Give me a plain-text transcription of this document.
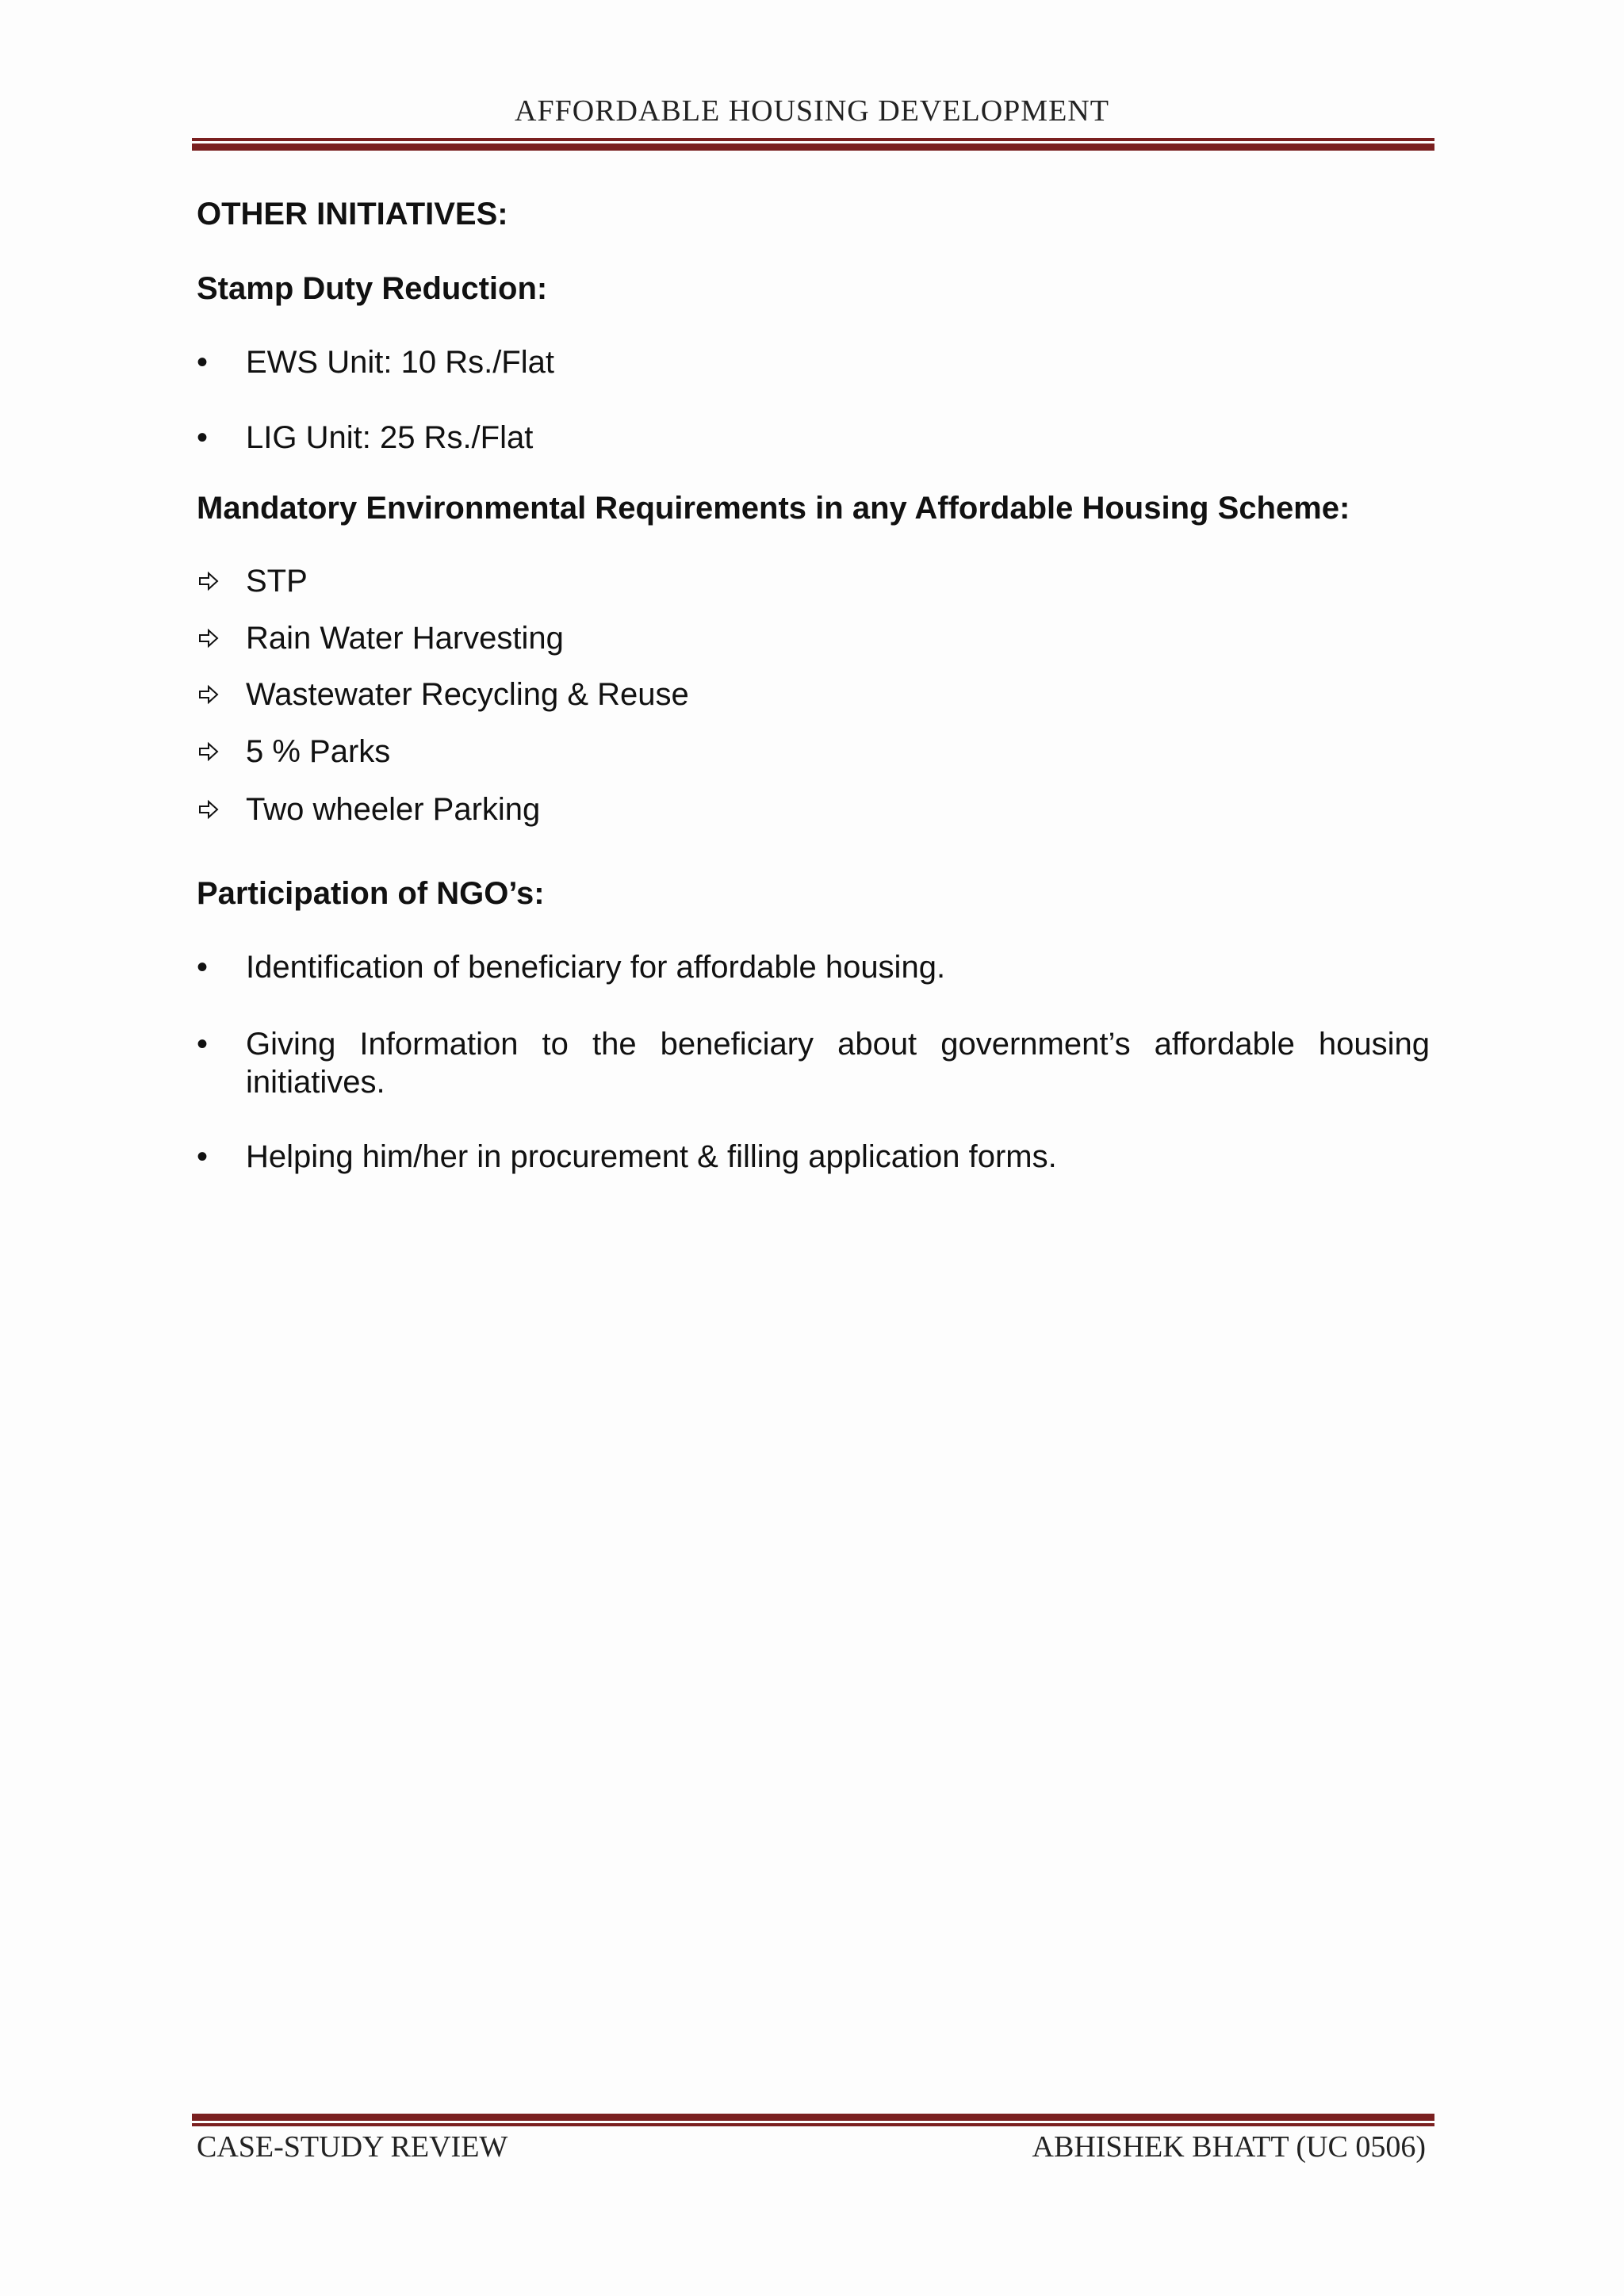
AFFORDABLE HOUSING DEVELOPMENT

OTHER INITIATIVES:

Stamp Duty Reduction:

• EWS Unit: 10 Rs./Flat
• LIG Unit: 25 Rs./Flat

Mandatory Environmental Requirements in any Affordable Housing Scheme:

STP
Rain Water Harvesting
Wastewater Recycling & Reuse
5 % Parks
Two wheeler Parking

Participation of NGO’s:

• Identification of beneficiary for affordable housing.
• Giving Information to the beneficiary about government’s affordable housing
initiatives.
• Helping him/her in procurement & filling application forms.
CASE-STUDY REVIEW	ABHISHEK BHATT (UC 0506)
